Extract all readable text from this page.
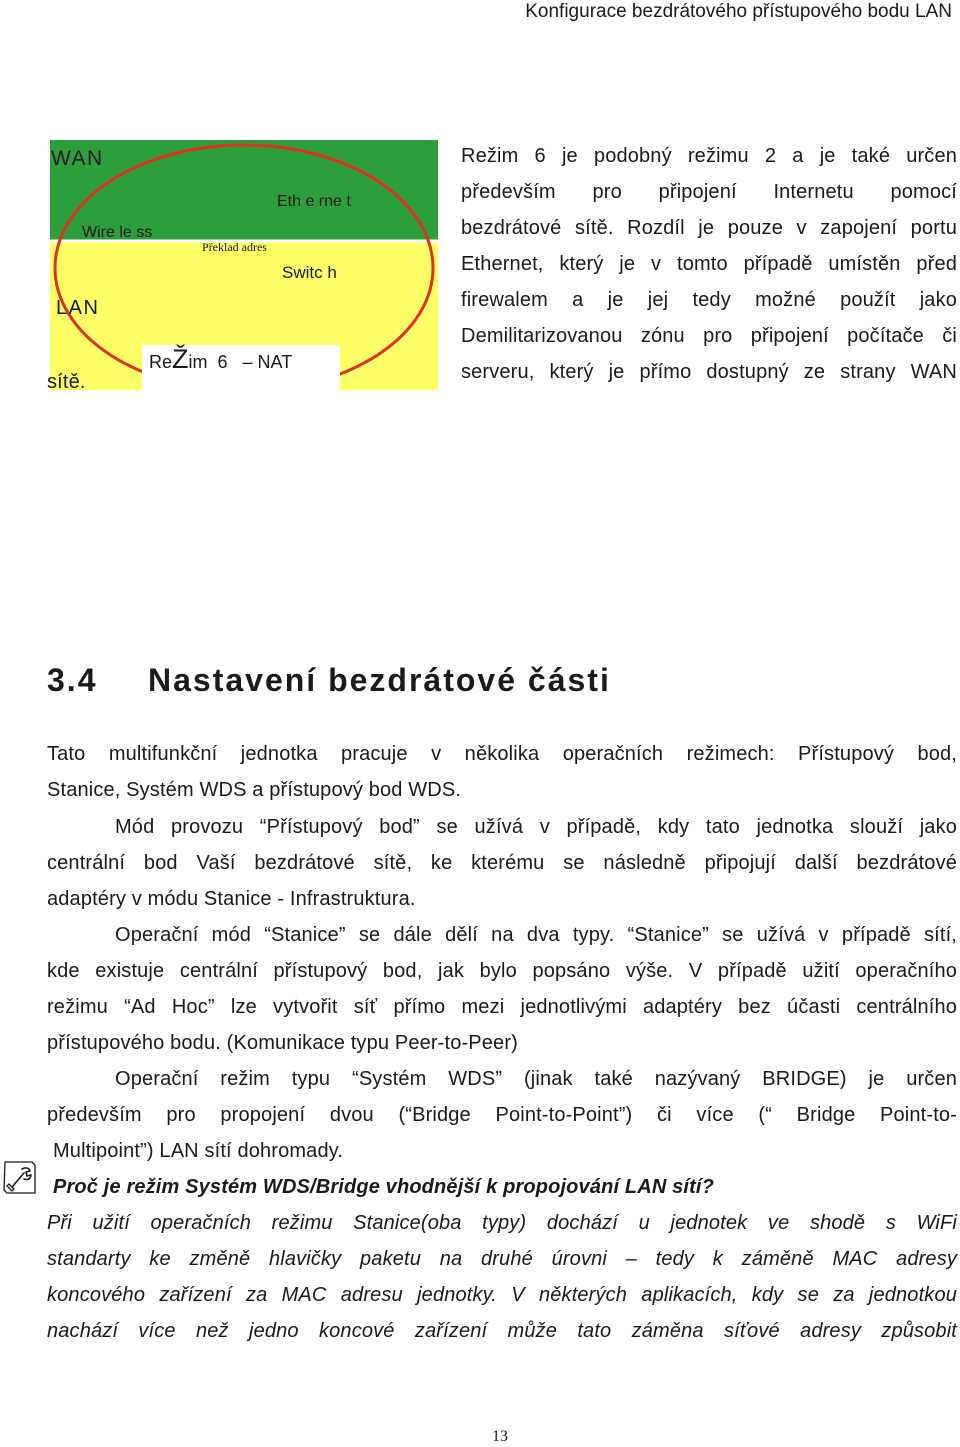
Konfigurace bezdrátového přístupového bodu LAN
WAN
Eth e rne t
Wire le ss
Překlad adres
Switc h
LAN
ReŽim  6   – NAT
Režim 6 je podobný režimu 2 a je také určen
především pro připojení Internetu pomocí
bezdrátové sítě. Rozdíl je pouze v zapojení portu
Ethernet, který je v tomto případě umístěn před
firewalem a je jej tedy možné použít jako
Demilitarizovanou zónu pro připojení počítače či
serveru, který je přímo dostupný ze strany WAN
sítě.
3.4 Nastavení bezdrátové části
Tato multifunkční jednotka pracuje v několika operačních režimech: Přístupový bod,
Stanice, Systém WDS a přístupový bod WDS.
Mód provozu “Přístupový bod” se užívá v případě, kdy tato jednotka slouží jako
centrální bod Vaší bezdrátové sítě, ke kterému se následně připojují další bezdrátové
adaptéry v módu Stanice - Infrastruktura.
Operační mód “Stanice” se dále dělí na dva typy. “Stanice” se užívá v případě sítí,
kde existuje centrální přístupový bod, jak bylo popsáno výše. V případě užití operačního
režimu “Ad Hoc” lze vytvořit síť přímo mezi jednotlivými adaptéry bez účasti centrálního
přístupového bodu. (Komunikace typu Peer-to-Peer)
Operační režim typu “Systém WDS” (jinak také nazývaný BRIDGE) je určen
především pro propojení dvou (“Bridge Point-to-Point”) či více (“ Bridge Point-to-
Multipoint”) LAN sítí dohromady.
Proč je režim Systém WDS/Bridge vhodnější k propojování LAN sítí?
Při užití operačních režimu Stanice(oba typy) dochází u jednotek ve shodě s WiFi
standarty ke změně hlavičky paketu na druhé úrovni – tedy k záměně MAC adresy
koncového zařízení za MAC adresu jednotky. V některých aplikacích, kdy se za jednotkou
nachází více než jedno koncové zařízení může tato záměna síťové adresy způsobit
13
